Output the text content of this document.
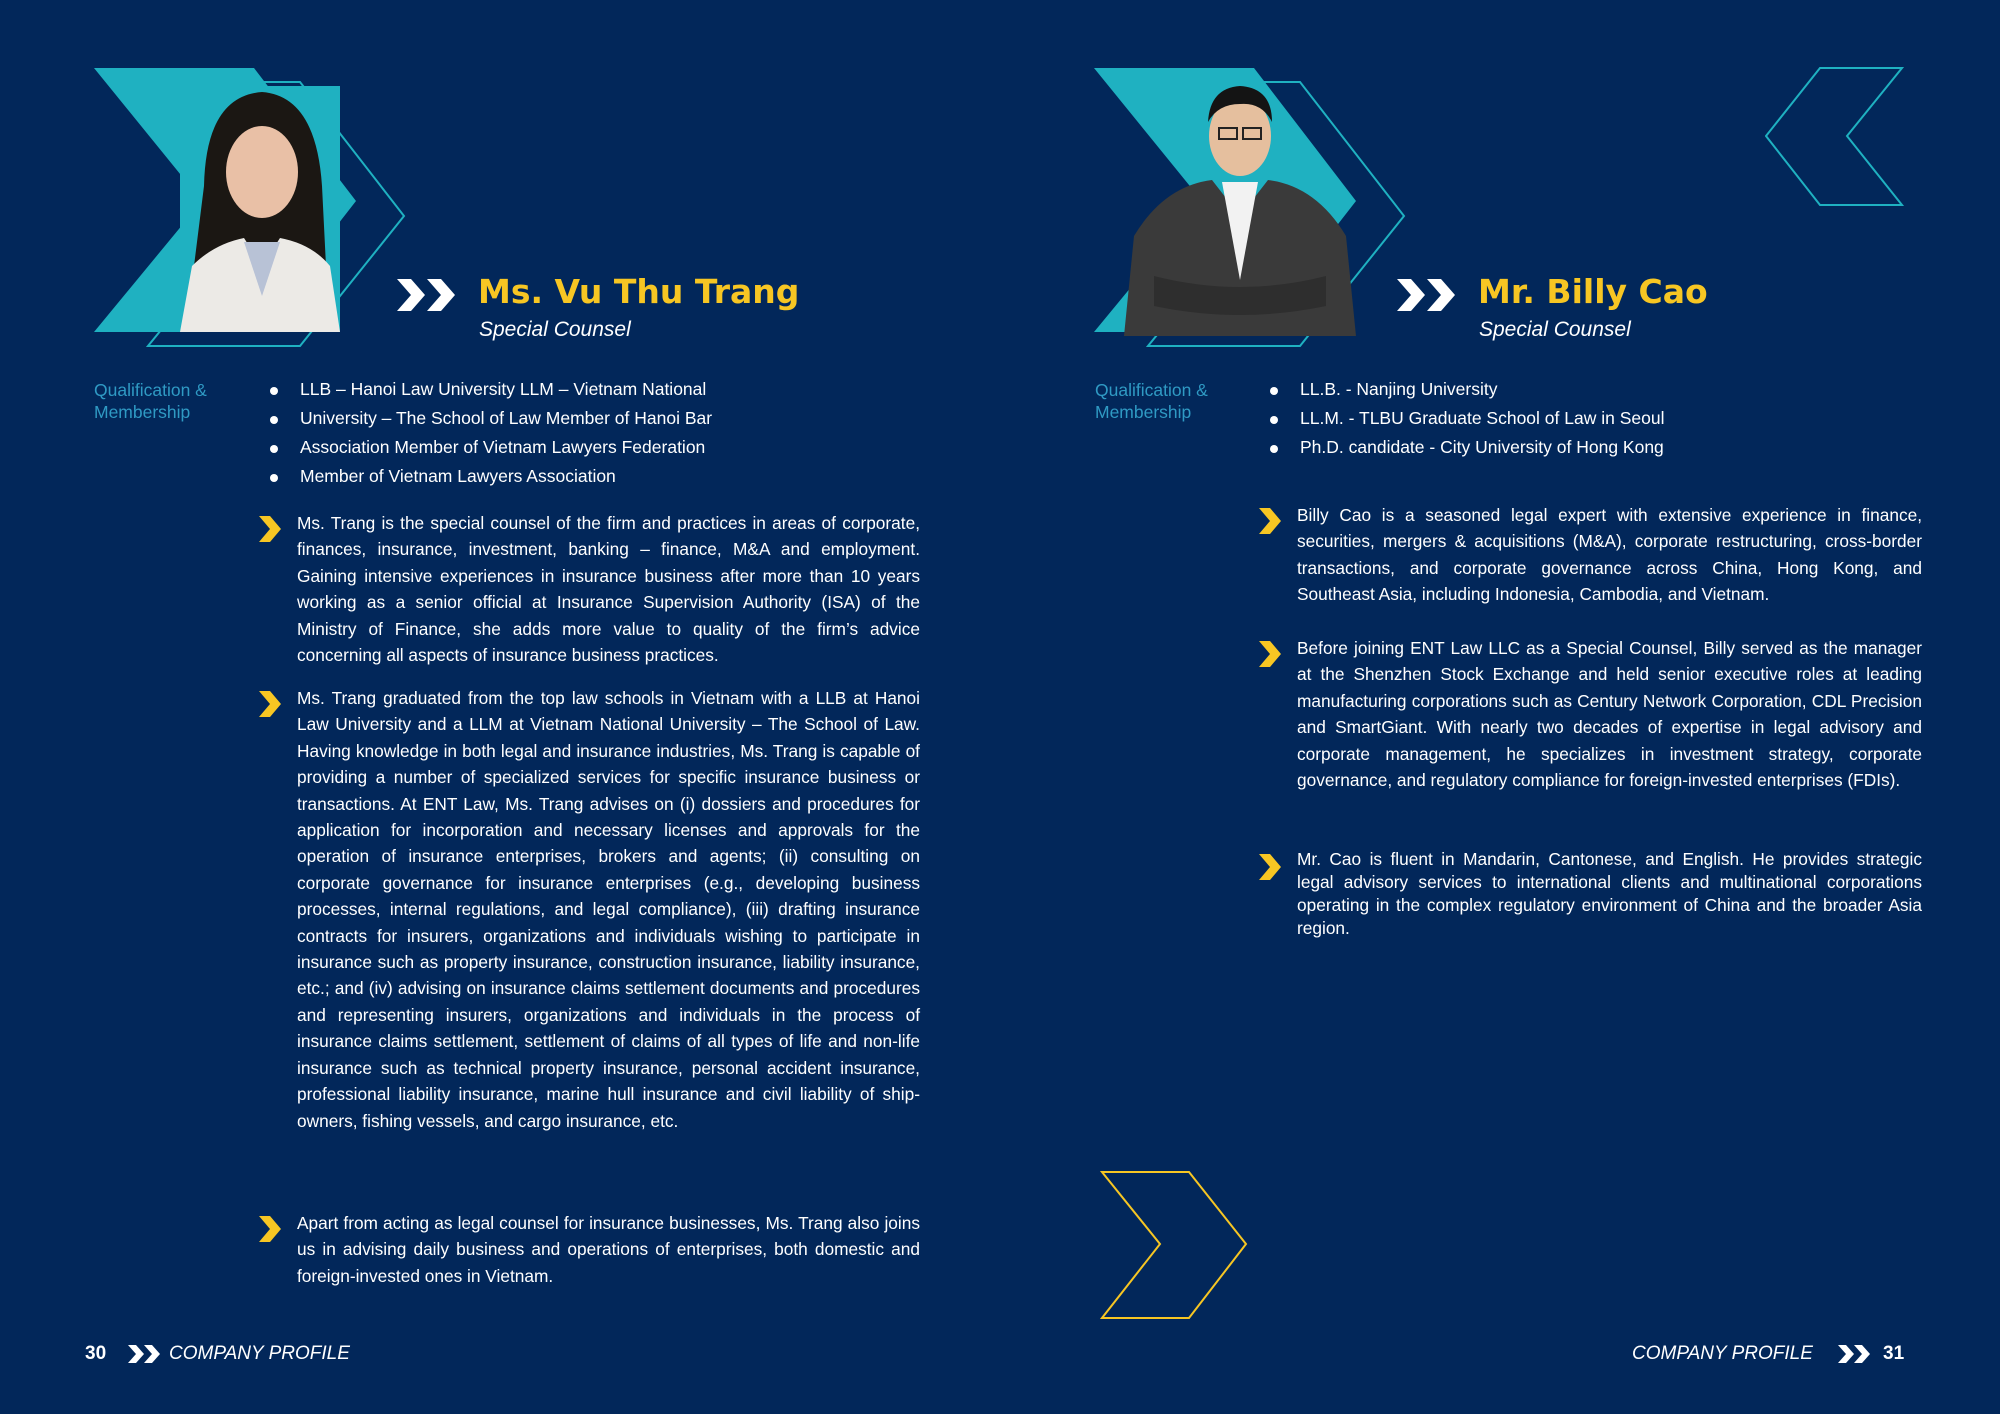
Ms. Vu Thu Trang
Special Counsel
Qualification & Membership
LLB – Hanoi Law University LLM – Vietnam National
University – The School of Law Member of Hanoi Bar
Association Member of Vietnam Lawyers Federation
Member of Vietnam Lawyers Association
Ms. Trang is the special counsel of the firm and practices in areas of corporate, finances, insurance, investment, banking – finance, M&A and employment. Gaining intensive experiences in insurance business after more than 10 years working as a senior official at Insurance Supervision Authority (ISA) of the Ministry of Finance, she adds more value to quality of the firm’s advice concerning all aspects of insurance business practices.
Ms. Trang graduated from the top law schools in Vietnam with a LLB at Hanoi Law University and a LLM at Vietnam National University – The School of Law. Having knowledge in both legal and insurance industries, Ms. Trang is capable of providing a number of specialized services for specific insurance business or transactions. At ENT Law, Ms. Trang advises on (i) dossiers and procedures for application for incorporation and necessary licenses and approvals for the operation of insurance enterprises, brokers and agents; (ii) consulting on corporate governance for insurance enterprises (e.g., developing business processes, internal regulations, and legal compliance), (iii) drafting insurance contracts for insurers, organizations and individuals wishing to participate in insurance such as property insurance, construction insurance, liability insurance, etc.; and (iv) advising on insurance claims settlement documents and procedures and representing insurers, organizations and individuals in the process of insurance claims settlement, settlement of claims of all types of life and non-life insurance such as technical property insurance, personal accident insurance, professional liability insurance, marine hull insurance and civil liability of ship-owners, fishing vessels, and cargo insurance, etc.
Apart from acting as legal counsel for insurance businesses, Ms. Trang also joins us in advising daily business and operations of enterprises, both domestic and foreign-invested ones in Vietnam.
30	COMPANY PROFILE
Mr. Billy Cao
Special Counsel
Qualification & Membership
LL.B. - Nanjing University
LL.M. - TLBU Graduate School of Law in Seoul
Ph.D. candidate - City University of Hong Kong
Billy Cao is a seasoned legal expert with extensive experience in finance, securities, mergers & acquisitions (M&A), corporate restructuring, cross-border transactions, and corporate governance across China, Hong Kong, and Southeast Asia, including Indonesia, Cambodia, and Vietnam.
Before joining ENT Law LLC as a Special Counsel, Billy served as the manager at the Shenzhen Stock Exchange and held senior executive roles at leading manufacturing corporations such as Century Network Corporation, CDL Precision and SmartGiant. With nearly two decades of expertise in legal advisory and corporate management, he specializes in investment strategy, corporate governance, and regulatory compliance for foreign-invested enterprises (FDIs).
Mr. Cao is fluent in Mandarin, Cantonese, and English. He provides strategic legal advisory services to international clients and multinational corporations operating in the complex regulatory environment of China and the broader Asia region.
COMPANY PROFILE	31
